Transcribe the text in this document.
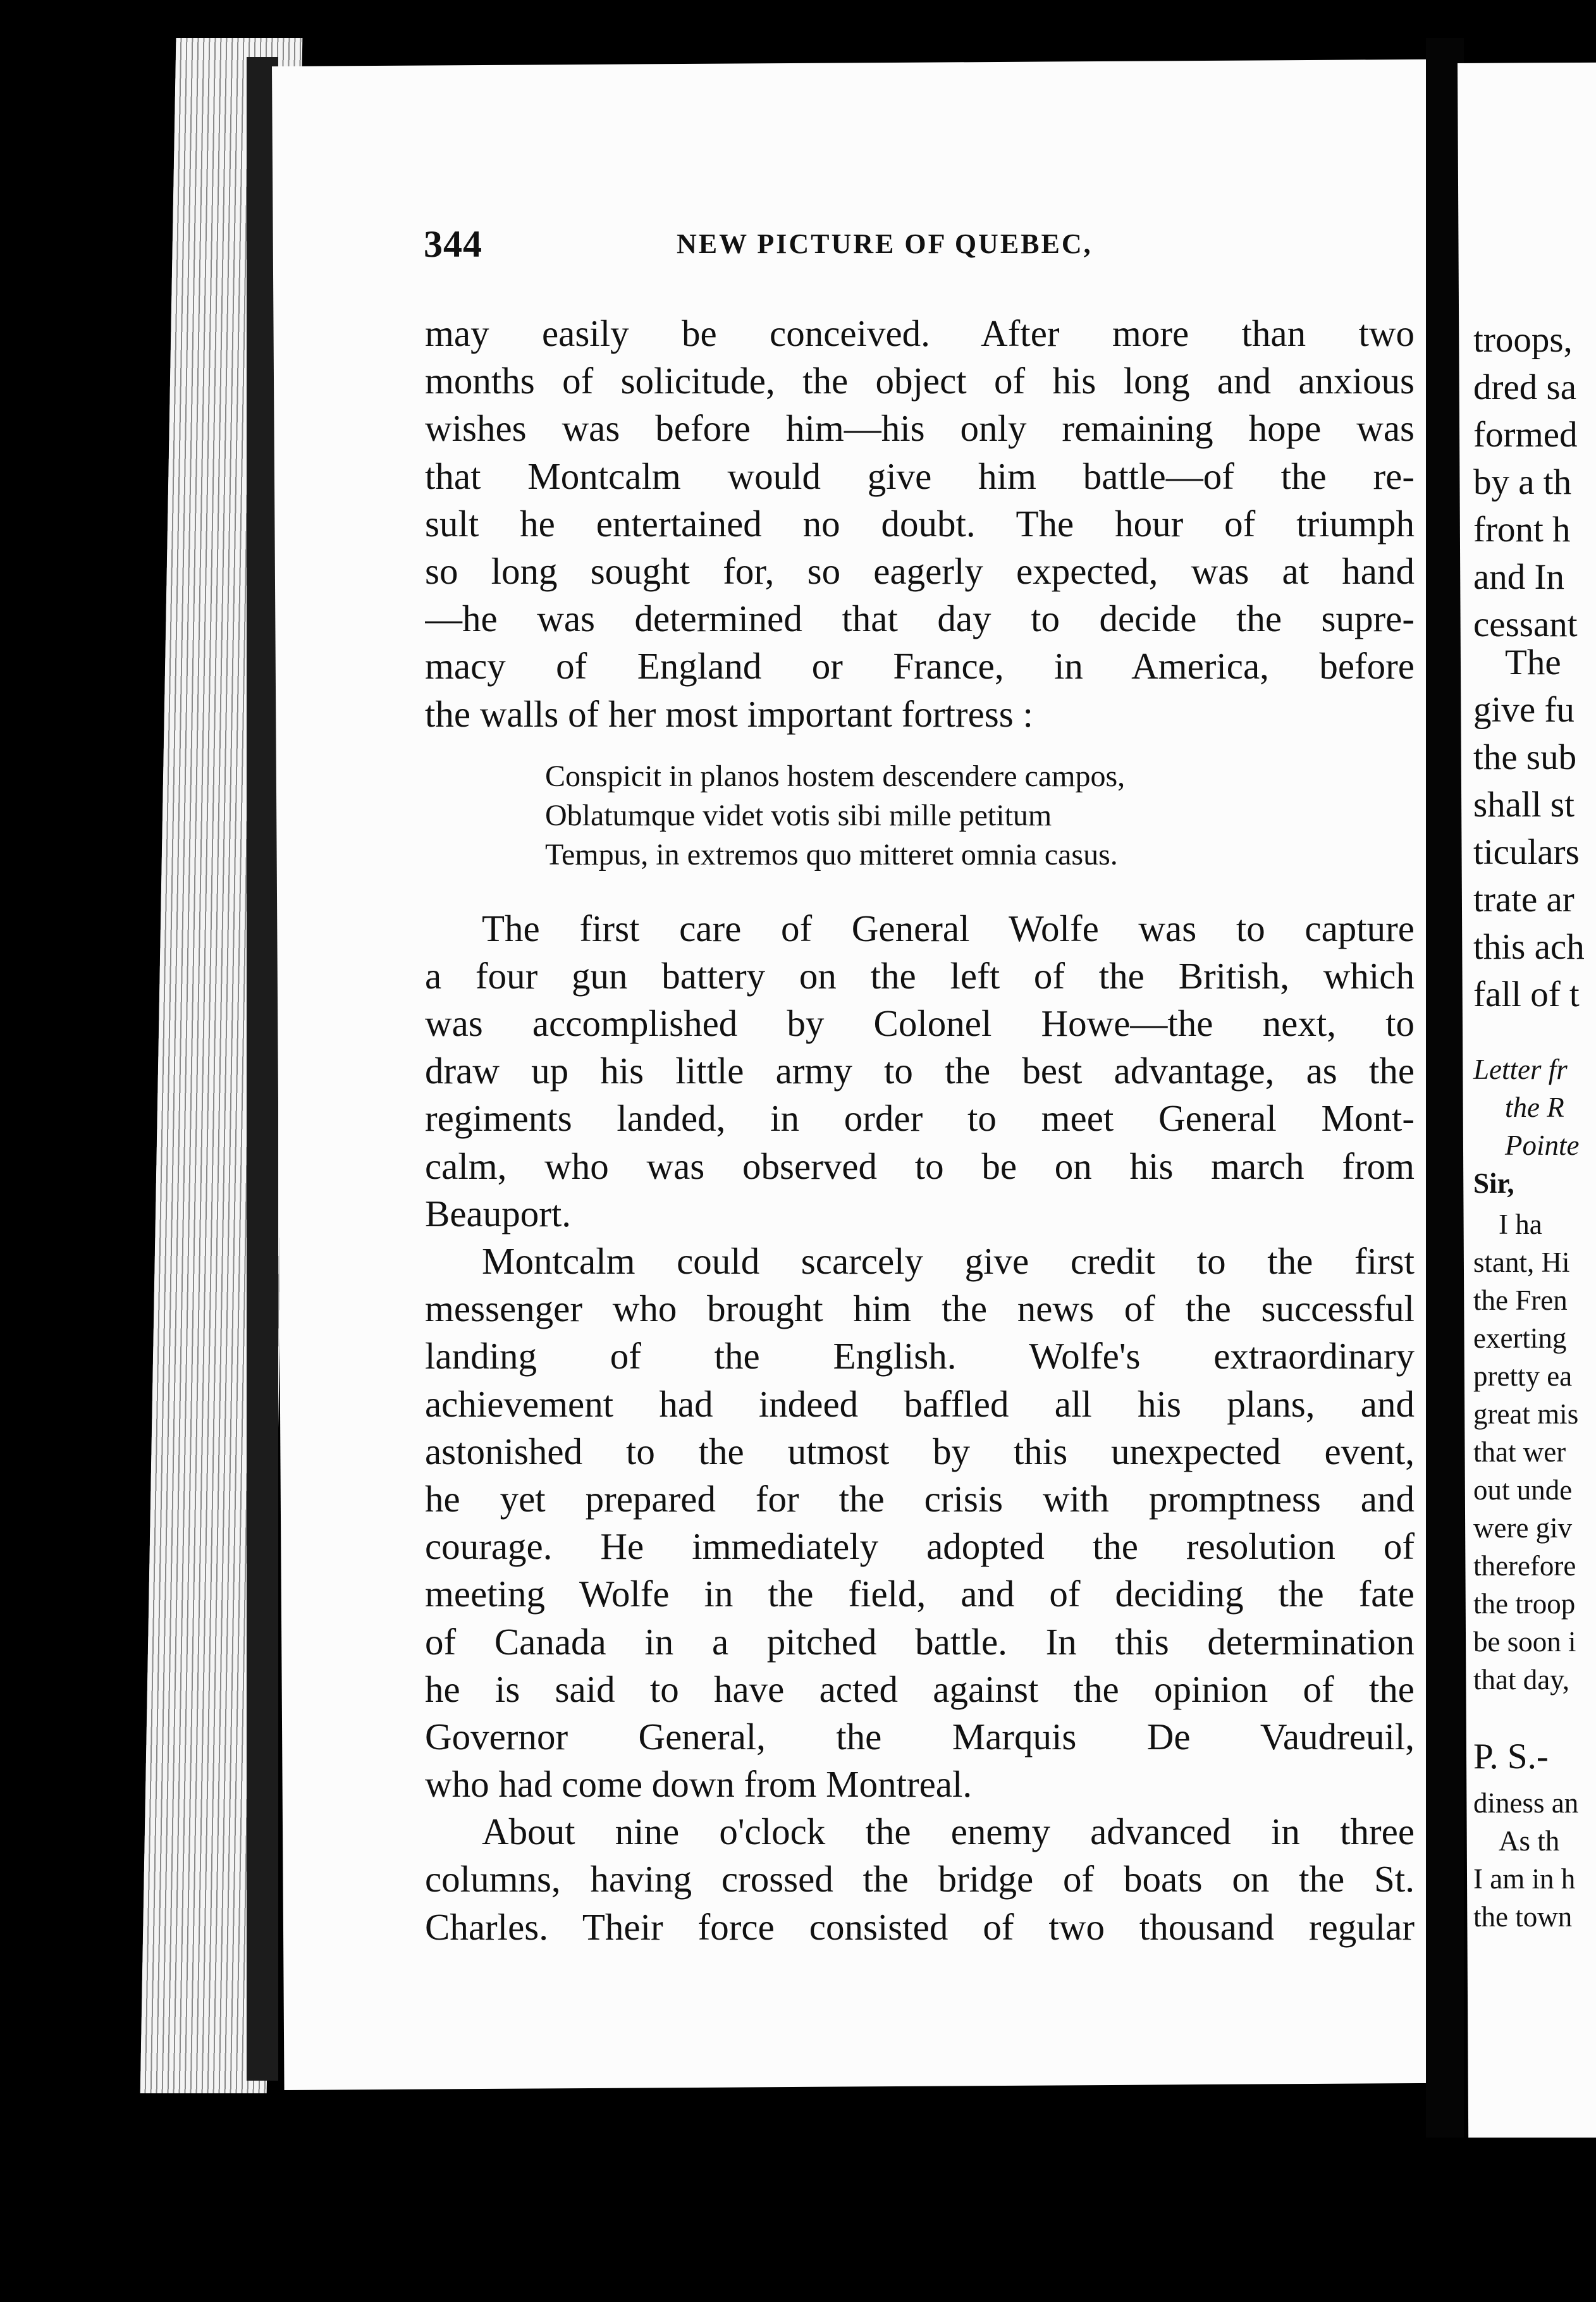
344	NEW PICTURE OF QUEBEC,
may easily be conceived. After more than two
months of solicitude, the object of his long and anxious
wishes was before him—his only remaining hope was
that Montcalm would give him battle—of the re-
sult he entertained no doubt. The hour of triumph
so long sought for, so eagerly expected, was at hand
—he was determined that day to decide the supre-
macy of England or France, in America, before
the walls of her most important fortress :
Conspicit in planos hostem descendere campos,
Oblatumque videt votis sibi mille petitum
Tempus, in extremos quo mitteret omnia casus.
The first care of General Wolfe was to capture
a four gun battery on the left of the British, which
was accomplished by Colonel Howe—the next, to
draw up his little army to the best advantage, as the
regiments landed, in order to meet General Mont-
calm, who was observed to be on his march from
Beauport.
Montcalm could scarcely give credit to the first
messenger who brought him the news of the successful
landing of the English. Wolfe's extraordinary
achievement had indeed baffled all his plans, and
astonished to the utmost by this unexpected event,
he yet prepared for the crisis with promptness and
courage. He immediately adopted the resolution of
meeting Wolfe in the field, and of deciding the fate
of Canada in a pitched battle. In this determination
he is said to have acted against the opinion of the
Governor General, the Marquis De Vaudreuil,
who had come down from Montreal.
About nine o'clock the enemy advanced in three
columns, having crossed the bridge of boats on the St.
Charles. Their force consisted of two thousand regular
troops,
dred sa
formed
by a th
front h
and In
cessant
The
give fu
the sub
shall st
ticulars
trate ar
this ach
fall of t
Letter fr
the R
Pointe
Sir,
I ha
stant, Hi
the Fren
exerting
pretty ea
great mis
that wer
out unde
were giv
therefore
the troop
be soon i
that day,
P. S.-
diness an
As th
I am in h
the town
